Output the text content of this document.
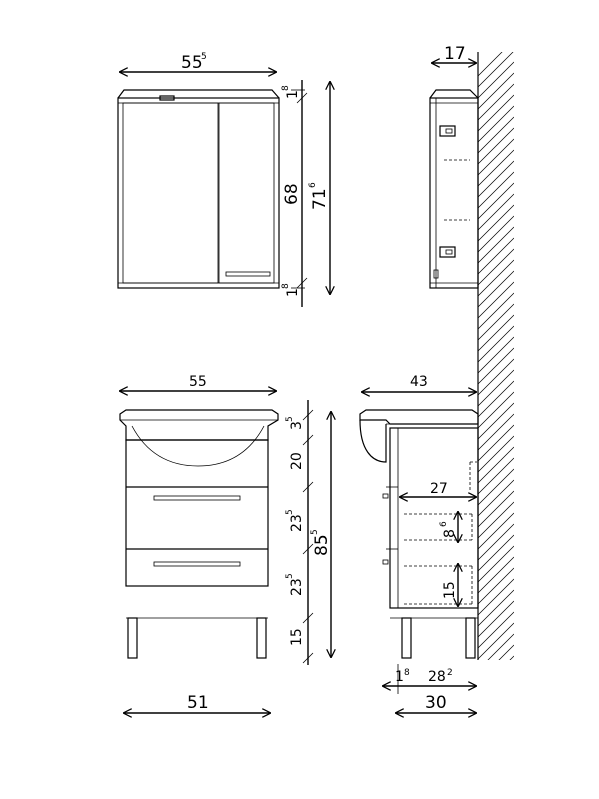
55
5
1
8
68
1
8
71
6
17
55
51
3
5
20
23
5
23
5
15
85
5
43
27
8
6
15
1 8 28 2
30
